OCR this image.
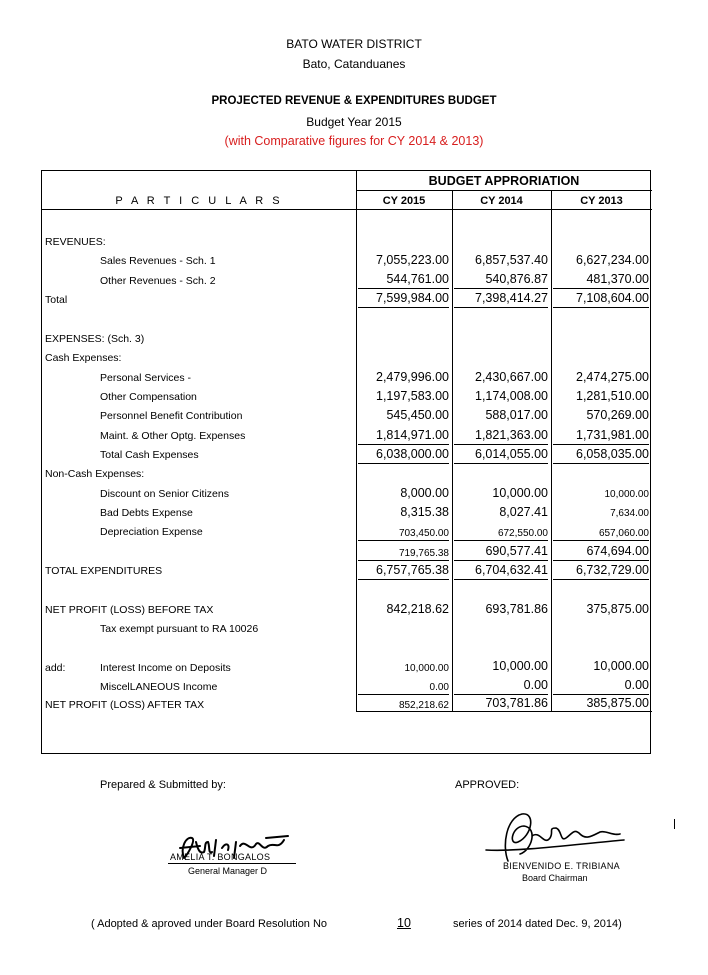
BATO WATER DISTRICT
Bato, Catanduanes
PROJECTED REVENUE & EXPENDITURES BUDGET
Budget Year 2015
(with Comparative figures for CY 2014 & 2013)
P A R T I C U L A R S
BUDGET APPRORIATION
CY 2015	CY 2014	CY 2013
REVENUES:
Sales Revenues - Sch. 1	7,055,223.00	6,857,537.40	6,627,234.00
Other Revenues - Sch. 2	544,761.00	540,876.87	481,370.00
Total	7,599,984.00	7,398,414.27	7,108,604.00
EXPENSES: (Sch. 3)
Cash Expenses:
Personal Services -	2,479,996.00	2,430,667.00	2,474,275.00
Other Compensation	1,197,583.00	1,174,008.00	1,281,510.00
Personnel Benefit Contribution	545,450.00	588,017.00	570,269.00
Maint. & Other Optg. Expenses	1,814,971.00	1,821,363.00	1,731,981.00
Total Cash Expenses	6,038,000.00	6,014,055.00	6,058,035.00
Non-Cash Expenses:
Discount on Senior Citizens	8,000.00	10,000.00	10,000.00
Bad Debts Expense	8,315.38	8,027.41	7,634.00
Depreciation Expense	703,450.00	672,550.00	657,060.00
719,765.38	690,577.41	674,694.00
TOTAL EXPENDITURES	6,757,765.38	6,704,632.41	6,732,729.00
NET PROFIT (LOSS) BEFORE TAX	842,218.62	693,781.86	375,875.00
Tax exempt pursuant to RA 10026
add:	Interest Income on Deposits	10,000.00	10,000.00	10,000.00
MiscelLANEOUS Income	0.00	0.00	0.00
NET PROFIT (LOSS) AFTER TAX	852,218.62	703,781.86	385,875.00
Prepared & Submitted by:	APPROVED:
AMELIA T. BONGALOS
General Manager D	BIENVENIDO E. TRIBIANA
Board Chairman
( Adopted & aproved under Board Resolution No	10	series of 2014 dated Dec. 9, 2014)
